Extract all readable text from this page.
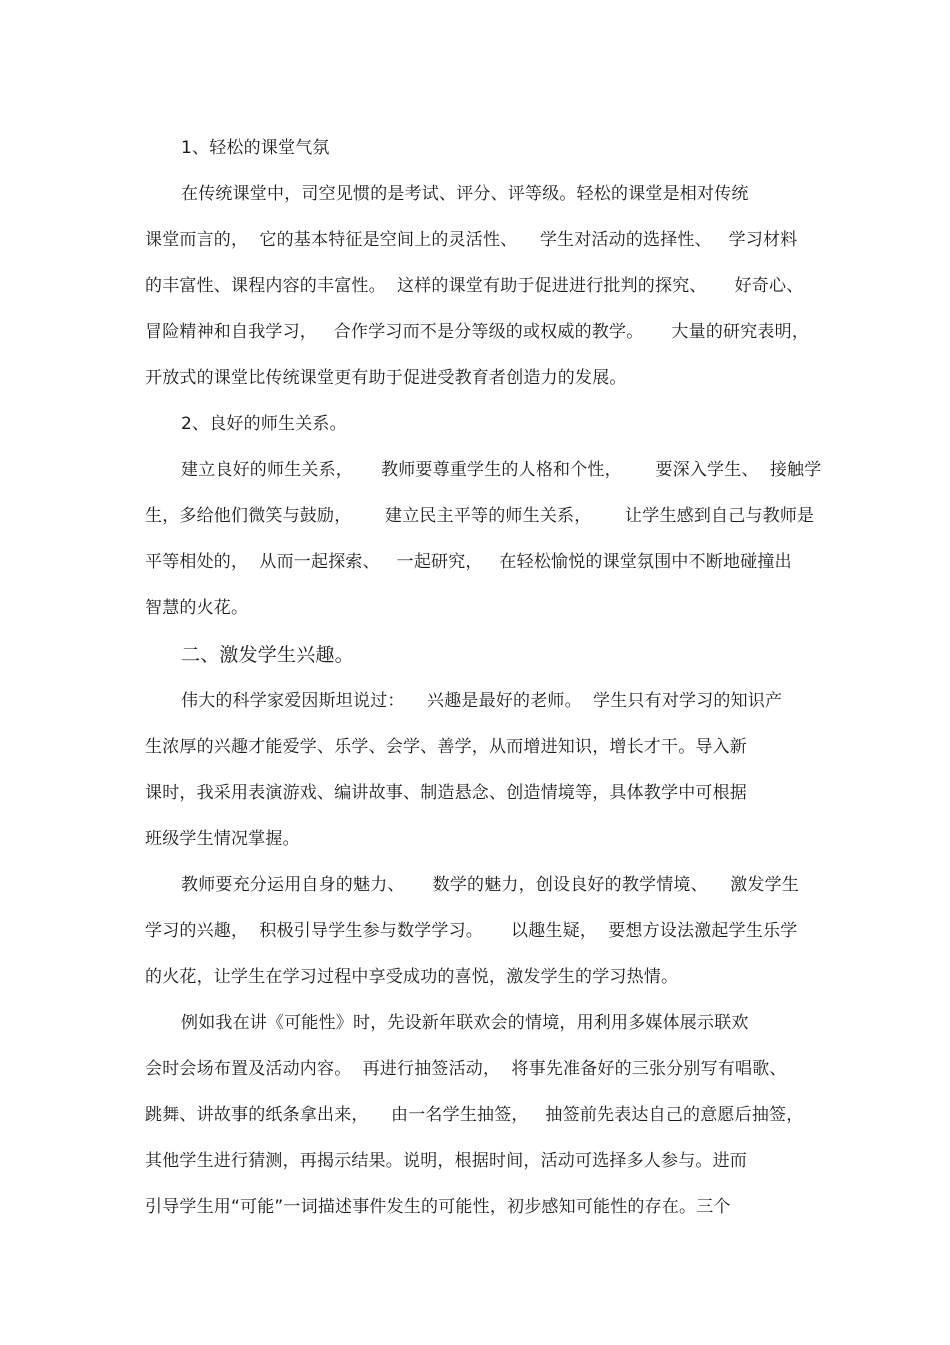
1、轻松的课堂气氛
在传统课堂中，司空见惯的是考试、评分、评等级。轻松的课堂是相对传统
课堂而言的，  它的基本特征是空间上的灵活性、    学生对活动的选择性、   学习材料
的丰富性、课程内容的丰富性。  这样的课堂有助于促进进行批判的探究、     好奇心、
冒险精神和自我学习，   合作学习而不是分等级的或权威的教学。     大量的研究表明，
开放式的课堂比传统课堂更有助于促进受教育者创造力的发展。
2、良好的师生关系。
建立良好的师生关系，     教师要尊重学生的人格和个性，      要深入学生、  接触学
生，多给他们微笑与鼓励，      建立民主平等的师生关系，      让学生感到自己与教师是
平等相处的，  从而一起探索、   一起研究，   在轻松愉悦的课堂氛围中不断地碰撞出
智慧的火花。
二、激发学生兴趣。
伟大的科学家爱因斯坦说过：    兴趣是最好的老师。  学生只有对学习的知识产
生浓厚的兴趣才能爱学、乐学、会学、善学，从而增进知识，增长才干。导入新
课时，我采用表演游戏、编讲故事、制造悬念、创造情境等，具体教学中可根据
班级学生情况掌握。
教师要充分运用自身的魅力、     数学的魅力，创设良好的教学情境、    激发学生
学习的兴趣，  积极引导学生参与数学学习。     以趣生疑，  要想方设法激起学生乐学
的火花，让学生在学习过程中享受成功的喜悦，激发学生的学习热情。
例如我在讲《可能性》时，先设新年联欢会的情境，用利用多媒体展示联欢
会时会场布置及活动内容。  再进行抽签活动，  将事先准备好的三张分别写有唱歌、
跳舞、讲故事的纸条拿出来，    由一名学生抽签，   抽签前先表达自己的意愿后抽签，
其他学生进行猜测，再揭示结果。说明，根据时间，活动可选择多人参与。进而
引导学生用“可能”一词描述事件发生的可能性，初步感知可能性的存在。三个
